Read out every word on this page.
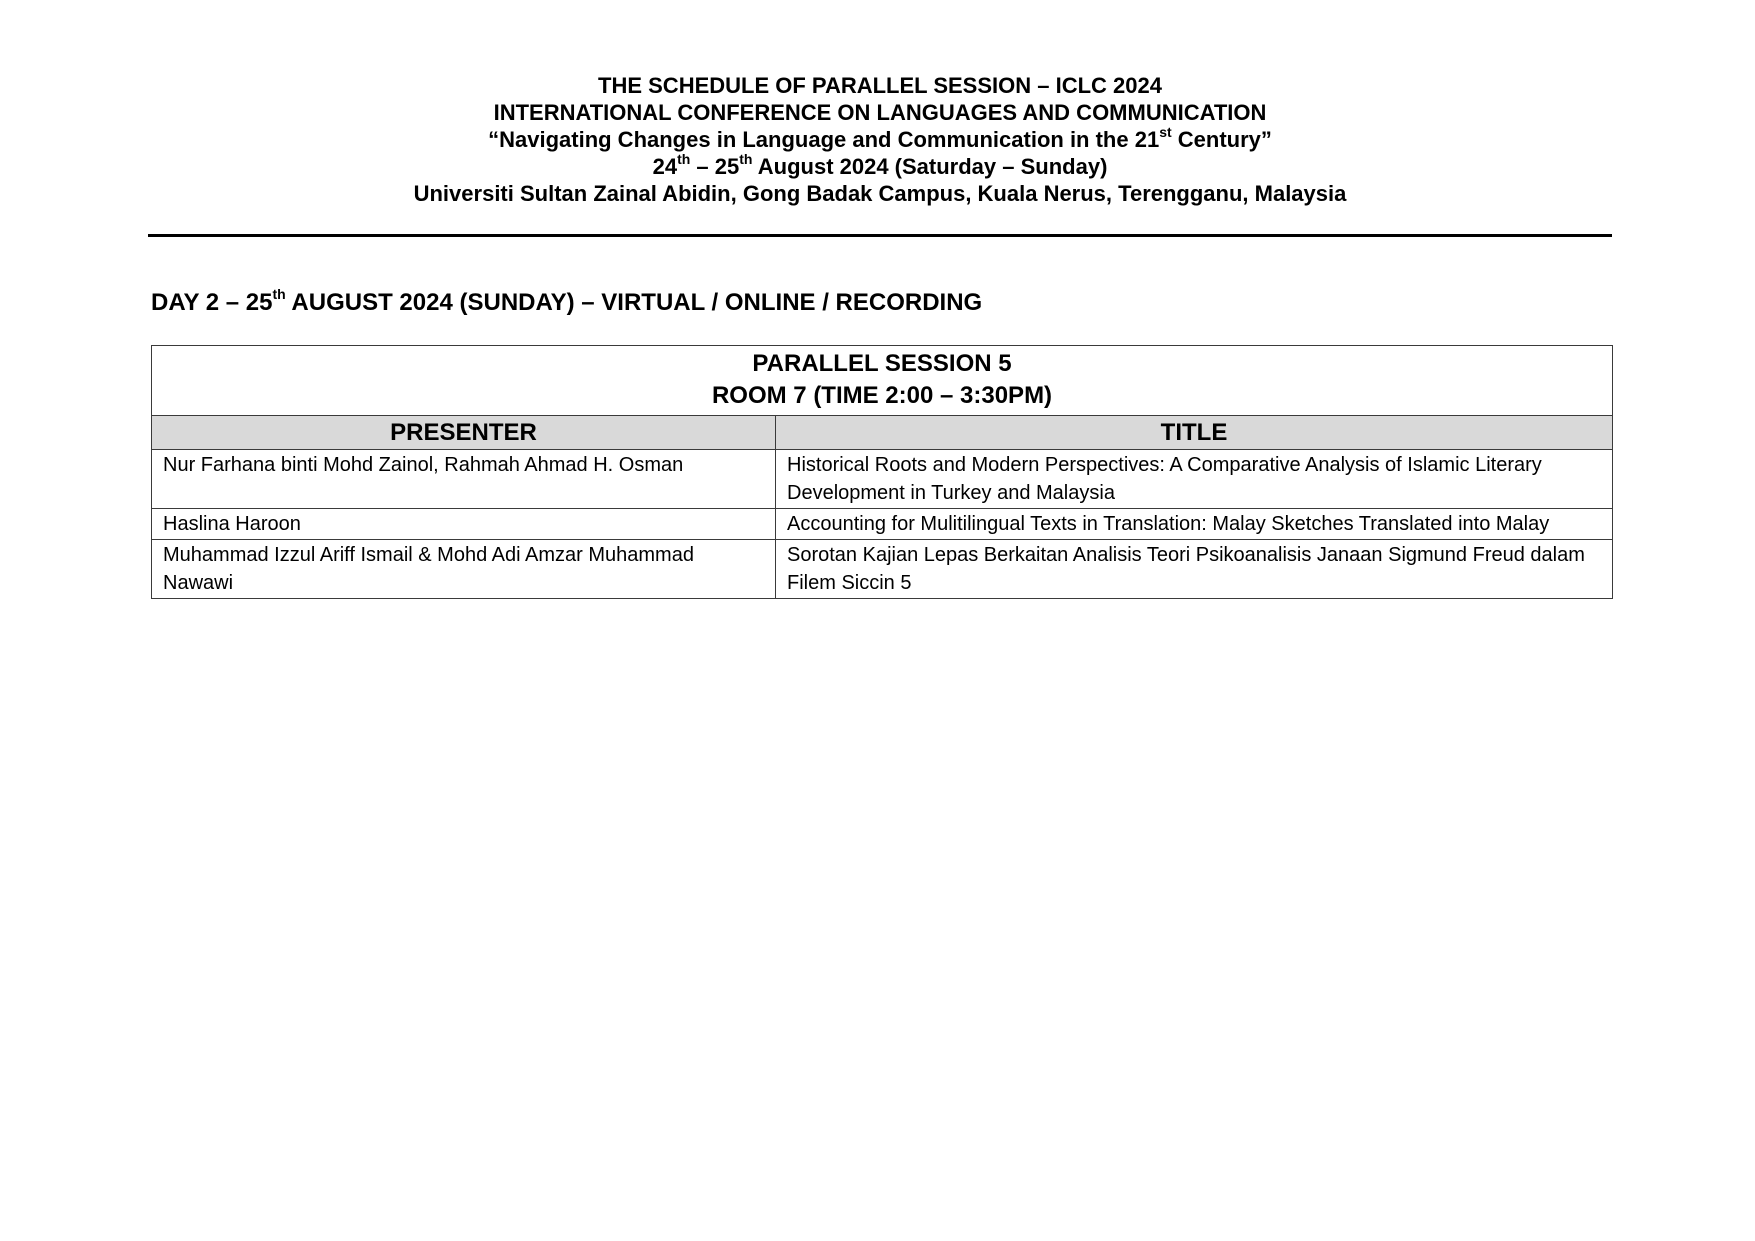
THE SCHEDULE OF PARALLEL SESSION – ICLC 2024
INTERNATIONAL CONFERENCE ON LANGUAGES AND COMMUNICATION
“Navigating Changes in Language and Communication in the 21st Century”
24th – 25th August 2024 (Saturday – Sunday)
Universiti Sultan Zainal Abidin, Gong Badak Campus, Kuala Nerus, Terengganu, Malaysia
DAY 2 – 25th AUGUST 2024 (SUNDAY) – VIRTUAL / ONLINE / RECORDING
PARALLEL SESSION 5
ROOM 7 (TIME 2:00 – 3:30PM)	

PRESENTER	TITLE
Nur Farhana binti Mohd Zainol, Rahmah Ahmad H. Osman	Historical Roots and Modern Perspectives: A Comparative Analysis of Islamic Literary Development in Turkey and Malaysia
Haslina Haroon	Accounting for Mulitilingual Texts in Translation: Malay Sketches Translated into Malay
Muhammad Izzul Ariff Ismail & Mohd Adi Amzar Muhammad Nawawi	Sorotan Kajian Lepas Berkaitan Analisis Teori Psikoanalisis Janaan Sigmund Freud dalam Filem Siccin 5
